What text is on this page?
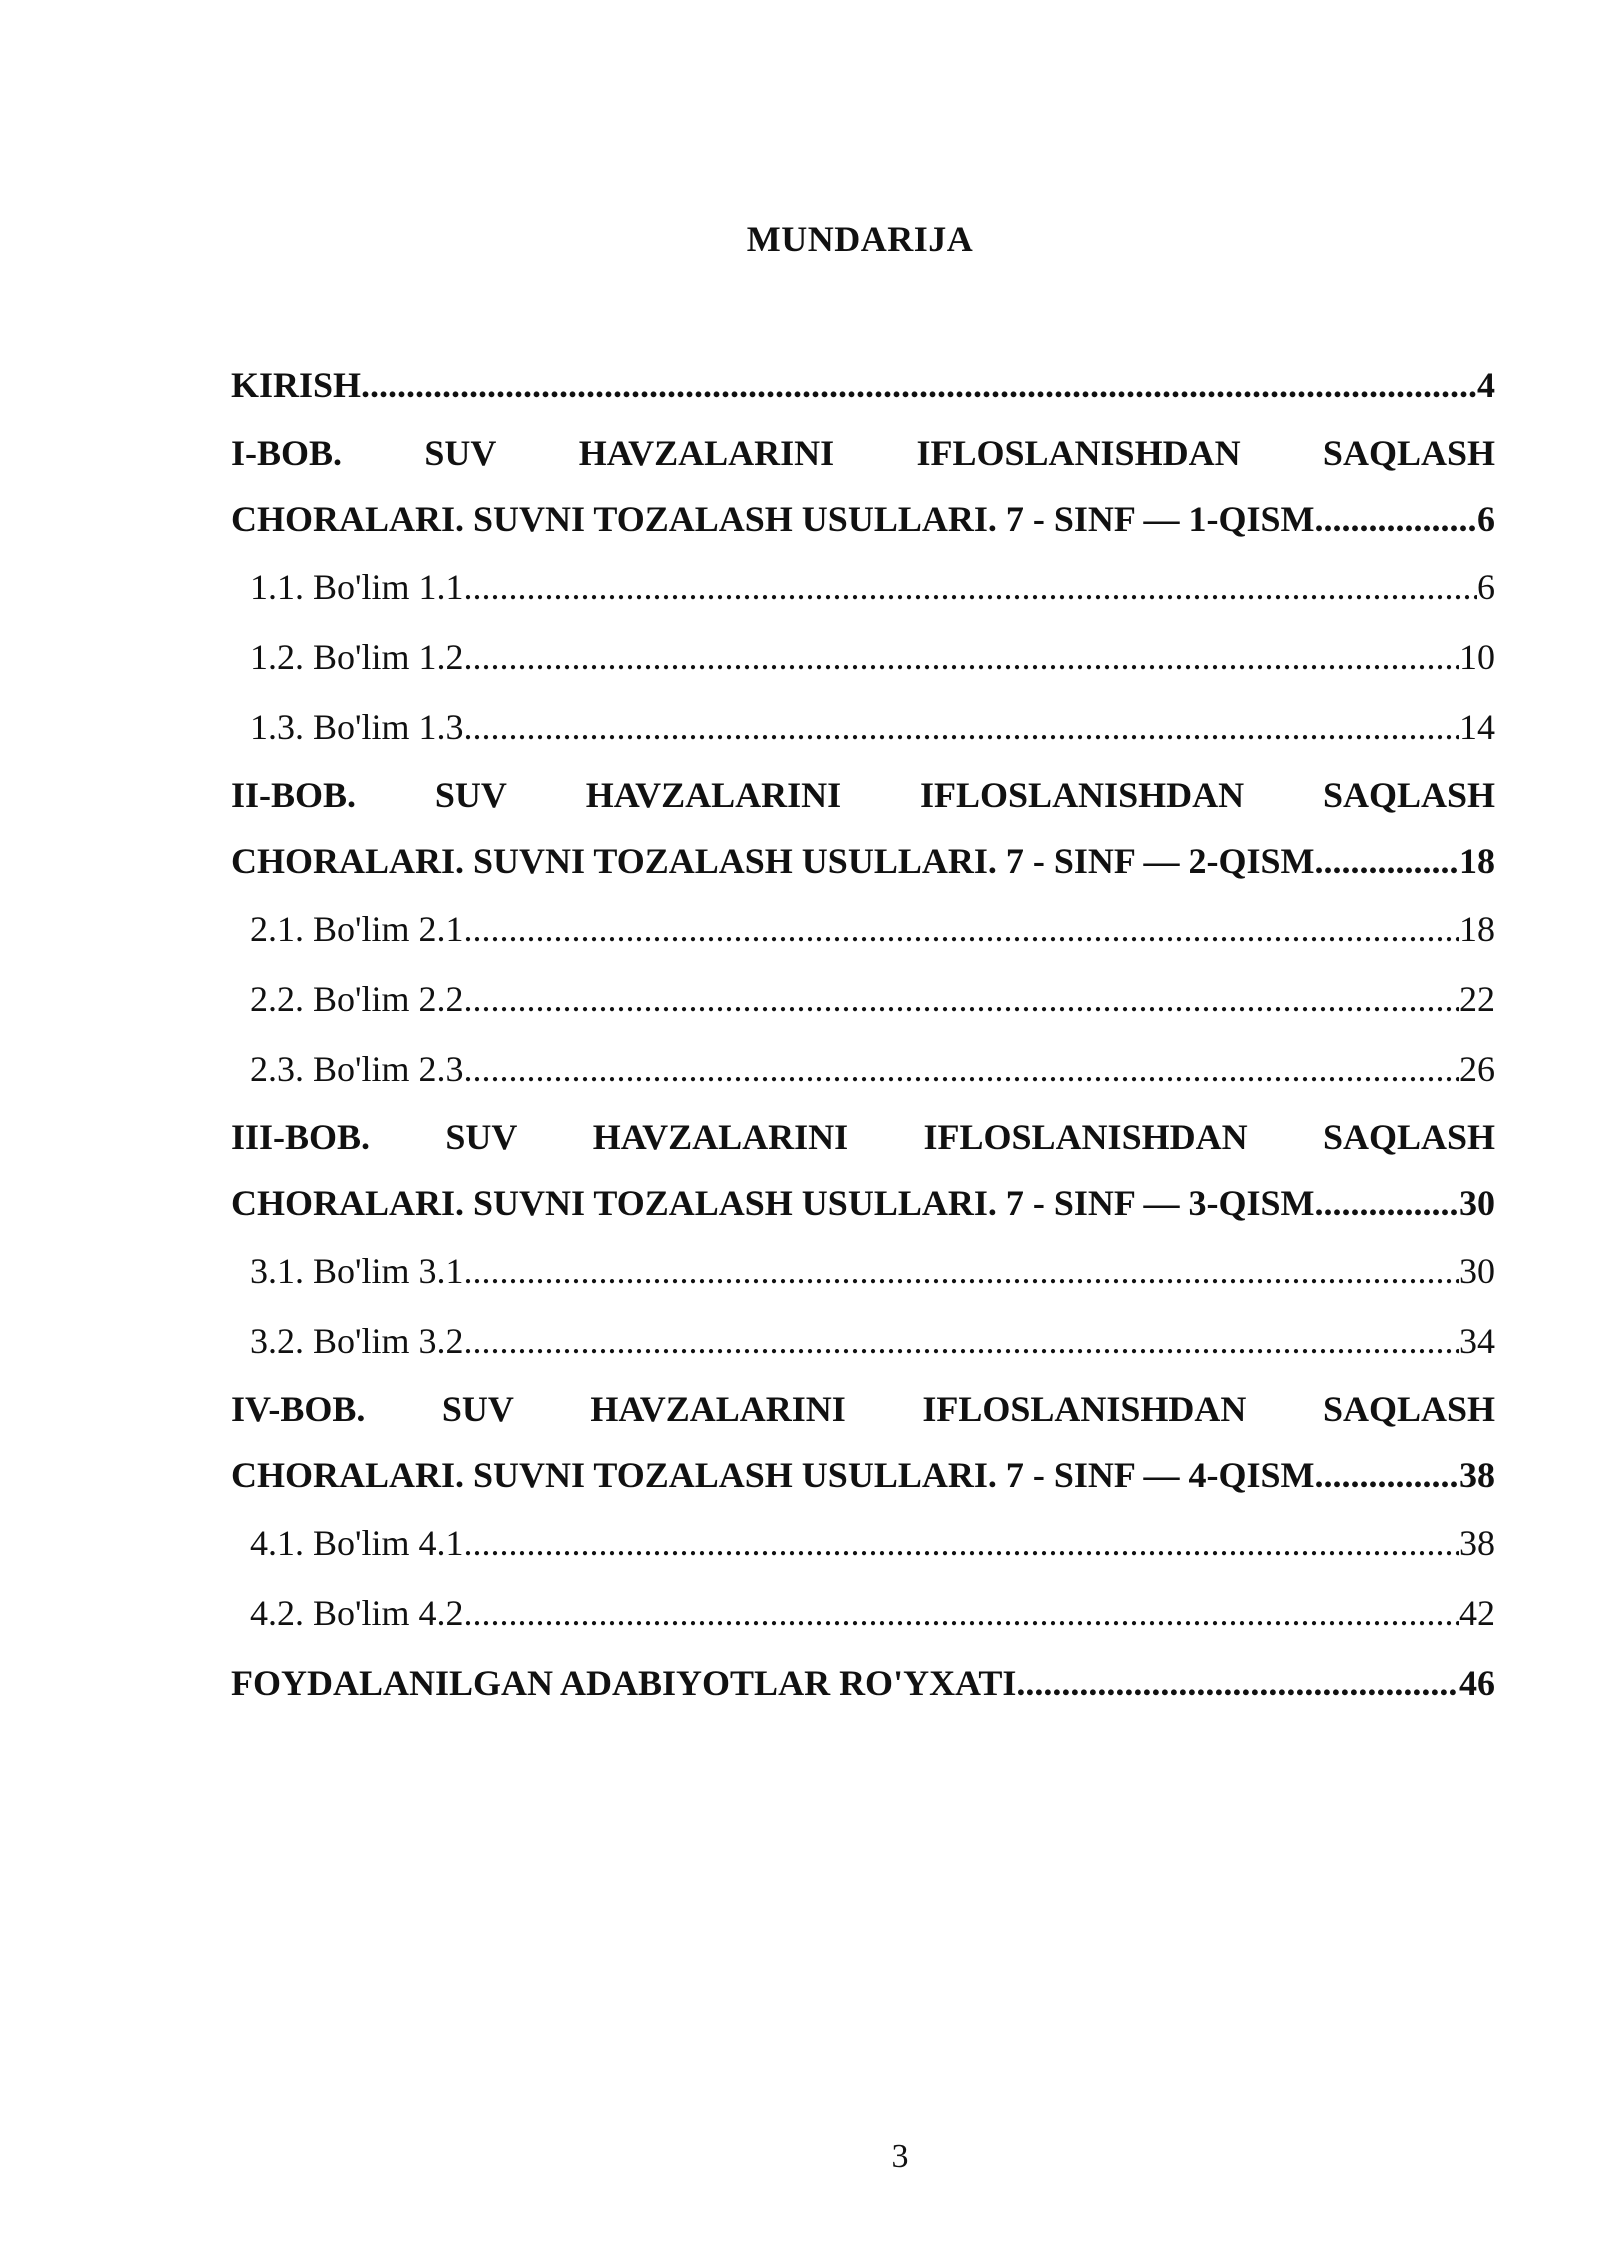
MUNDARIJA
KIRISH .....	4
I-BOB. SUV HAVZALARINI IFLOSLANISHDAN SAQLASH
CHORALARI. SUVNI TOZALASH USULLARI. 7 - SINF — 1-QISM .....	6
1.1. Bo'lim 1.1 .....	6
1.2. Bo'lim 1.2 .....	10
1.3. Bo'lim 1.3 .....	14
II-BOB. SUV HAVZALARINI IFLOSLANISHDAN SAQLASH
CHORALARI. SUVNI TOZALASH USULLARI. 7 - SINF — 2-QISM .....	18
2.1. Bo'lim 2.1 .....	18
2.2. Bo'lim 2.2 .....	22
2.3. Bo'lim 2.3 .....	26
III-BOB. SUV HAVZALARINI IFLOSLANISHDAN SAQLASH
CHORALARI. SUVNI TOZALASH USULLARI. 7 - SINF — 3-QISM .....	30
3.1. Bo'lim 3.1 .....	30
3.2. Bo'lim 3.2 .....	34
IV-BOB. SUV HAVZALARINI IFLOSLANISHDAN SAQLASH
CHORALARI. SUVNI TOZALASH USULLARI. 7 - SINF — 4-QISM .....	38
4.1. Bo'lim 4.1 .....	38
4.2. Bo'lim 4.2 .....	42
FOYDALANILGAN ADABIYOTLAR RO'YXATI .....	46
3
